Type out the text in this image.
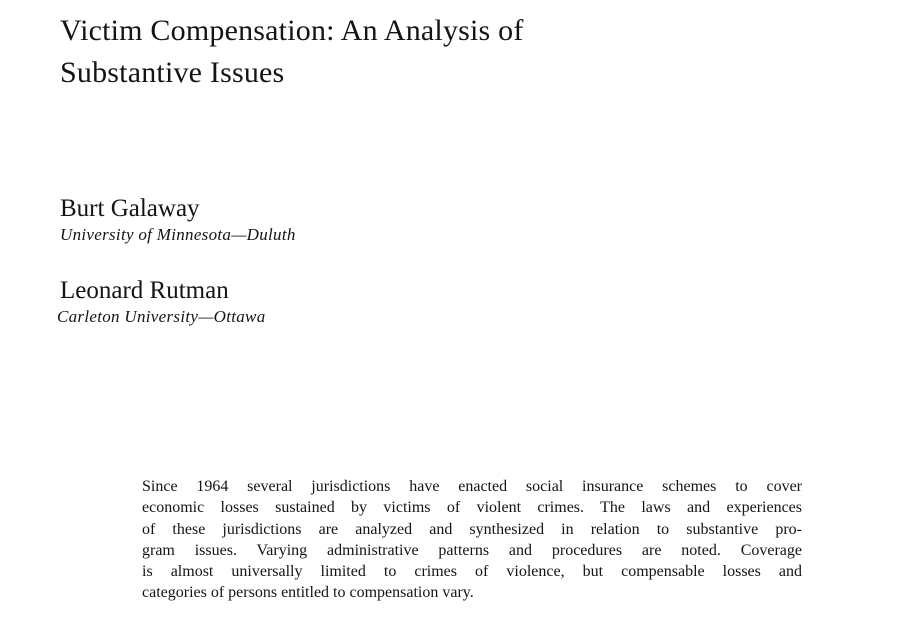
Victim Compensation: An Analysis of
Substantive Issues
Burt Galaway
University of Minnesota—Duluth
Leonard Rutman
Carleton University—Ottawa
Since 1964 several jurisdictions have enacted social insurance schemes to cover
economic losses sustained by victims of violent crimes. The laws and experiences
of these jurisdictions are analyzed and synthesized in relation to substantive pro-
gram issues. Varying administrative patterns and procedures are noted. Coverage
is almost universally limited to crimes of violence, but compensable losses and
categories of persons entitled to compensation vary.
